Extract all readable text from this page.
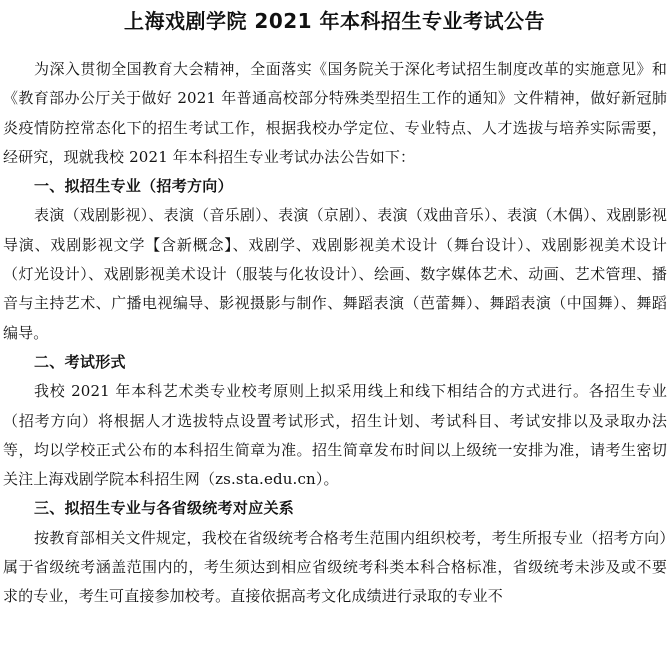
上海戏剧学院 2021 年本科招生专业考试公告

为深入贯彻全国教育大会精神，全面落实《国务院关于深化考试招生制度改革的实施意见》和《教育部办公厅关于做好 2021 年普通高校部分特殊类型招生工作的通知》文件精神，做好新冠肺炎疫情防控常态化下的招生考试工作，根据我校办学定位、专业特点、人才选拔与培养实际需要，经研究，现就我校 2021 年本科招生专业考试办法公告如下：

一、拟招生专业（招考方向）

表演（戏剧影视）、表演（音乐剧）、表演（京剧）、表演（戏曲音乐）、表演（木偶）、戏剧影视导演、戏剧影视文学【含新概念】、戏剧学、戏剧影视美术设计（舞台设计）、戏剧影视美术设计（灯光设计）、戏剧影视美术设计（服装与化妆设计）、绘画、数字媒体艺术、动画、艺术管理、播音与主持艺术、广播电视编导、影视摄影与制作、舞蹈表演（芭蕾舞）、舞蹈表演（中国舞）、舞蹈编导。

二、考试形式

我校 2021 年本科艺术类专业校考原则上拟采用线上和线下相结合的方式进行。各招生专业（招考方向）将根据人才选拔特点设置考试形式，招生计划、考试科目、考试安排以及录取办法等，均以学校正式公布的本科招生简章为准。招生简章发布时间以上级统一安排为准，请考生密切关注上海戏剧学院本科招生网（zs.sta.edu.cn）。

三、拟招生专业与各省级统考对应关系

按教育部相关文件规定，我校在省级统考合格考生范围内组织校考，考生所报专业（招考方向）属于省级统考涵盖范围内的，考生须达到相应省级统考科类本科合格标准，省级统考未涉及或不要求的专业，考生可直接参加校考。直接依据高考文化成绩进行录取的专业不
